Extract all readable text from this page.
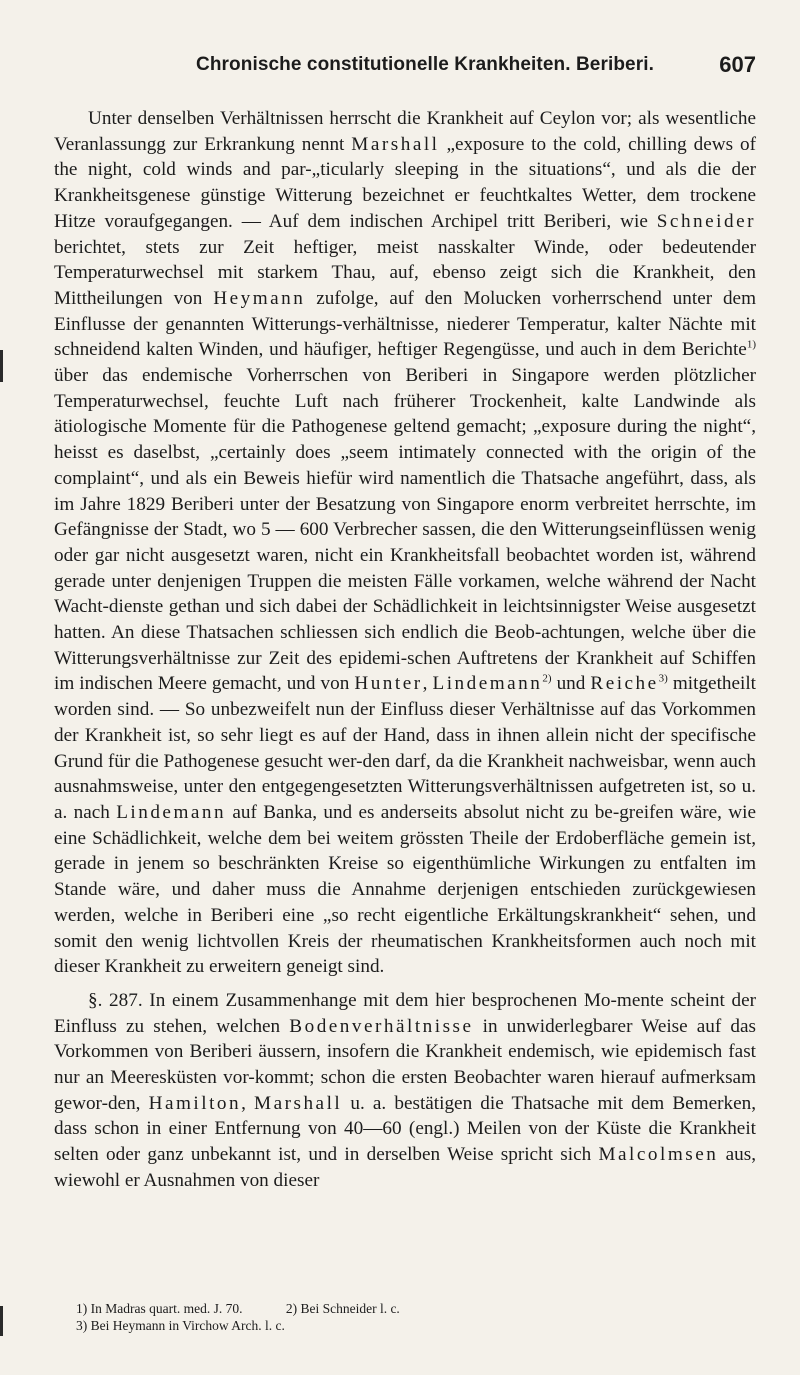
Chronische constitutionelle Krankheiten. Beriberi.	607

Unter denselben Verhältnissen herrscht die Krankheit auf Ceylon vor; als wesentliche Veranlassungg zur Erkrankung nennt Marshall „exposure to the cold, chilling dews of the night, cold winds and par-„ticularly sleeping in the situations“, und als die der Krankheitsgenese günstige Witterung bezeichnet er feuchtkaltes Wetter, dem trockene Hitze voraufgegangen. — Auf dem indischen Archipel tritt Beriberi, wie Schneider berichtet, stets zur Zeit heftiger, meist nasskalter Winde, oder bedeutender Temperaturwechsel mit starkem Thau, auf, ebenso zeigt sich die Krankheit, den Mittheilungen von Heymann zufolge, auf den Molucken vorherrschend unter dem Einflusse der genannten Witterungs-verhältnisse, niederer Temperatur, kalter Nächte mit schneidend kalten Winden, und häufiger, heftiger Regengüsse, und auch in dem Berichte$^{1)}$ über das endemische Vorherrschen von Beriberi in Singapore werden plötzlicher Temperaturwechsel, feuchte Luft nach früherer Trockenheit, kalte Landwinde als ätiologische Momente für die Pathogenese geltend gemacht; „exposure during the night“, heisst es daselbst, „certainly does „seem intimately connected with the origin of the complaint“, und als ein Beweis hiefür wird namentlich die Thatsache angeführt, dass, als im Jahre 1829 Beriberi unter der Besatzung von Singapore enorm verbreitet herrschte, im Gefängnisse der Stadt, wo 5 — 600 Verbrecher sassen, die den Witterungseinflüssen wenig oder gar nicht ausgesetzt waren, nicht ein Krankheitsfall beobachtet worden ist, während gerade unter denjenigen Truppen die meisten Fälle vorkamen, welche während der Nacht Wacht-dienste gethan und sich dabei der Schädlichkeit in leichtsinnigster Weise ausgesetzt hatten. An diese Thatsachen schliessen sich endlich die Beob-achtungen, welche über die Witterungsverhältnisse zur Zeit des epidemi-schen Auftretens der Krankheit auf Schiffen im indischen Meere gemacht, und von Hunter, Lindemann$^{2)}$ und Reiche$^{3)}$ mitgetheilt worden sind. — So unbezweifelt nun der Einfluss dieser Verhältnisse auf das Vorkommen der Krankheit ist, so sehr liegt es auf der Hand, dass in ihnen allein nicht der specifische Grund für die Pathogenese gesucht wer-den darf, da die Krankheit nachweisbar, wenn auch ausnahmsweise, unter den entgegengesetzten Witterungsverhältnissen aufgetreten ist, so u. a. nach Lindemann auf Banka, und es anderseits absolut nicht zu be-greifen wäre, wie eine Schädlichkeit, welche dem bei weitem grössten Theile der Erdoberfläche gemein ist, gerade in jenem so beschränkten Kreise so eigenthümliche Wirkungen zu entfalten im Stande wäre, und daher muss die Annahme derjenigen entschieden zurückgewiesen werden, welche in Beriberi eine „so recht eigentliche Erkältungskrankheit“ sehen, und somit den wenig lichtvollen Kreis der rheumatischen Krankheitsformen auch noch mit dieser Krankheit zu erweitern geneigt sind.

§. 287. In einem Zusammenhange mit dem hier besprochenen Mo-mente scheint der Einfluss zu stehen, welchen Bodenverhältnisse in unwiderlegbarer Weise auf das Vorkommen von Beriberi äussern, insofern die Krankheit endemisch, wie epidemisch fast nur an Meeresküsten vor-kommt; schon die ersten Beobachter waren hierauf aufmerksam gewor-den, Hamilton, Marshall u. a. bestätigen die Thatsache mit dem Bemerken, dass schon in einer Entfernung von 40—60 (engl.) Meilen von der Küste die Krankheit selten oder ganz unbekannt ist, und in derselben Weise spricht sich Malcolmsen aus, wiewohl er Ausnahmen von dieser

1) In Madras quart. med. J. 70.	2) Bei Schneider l. c.
3) Bei Heymann in Virchow Arch. l. c.
